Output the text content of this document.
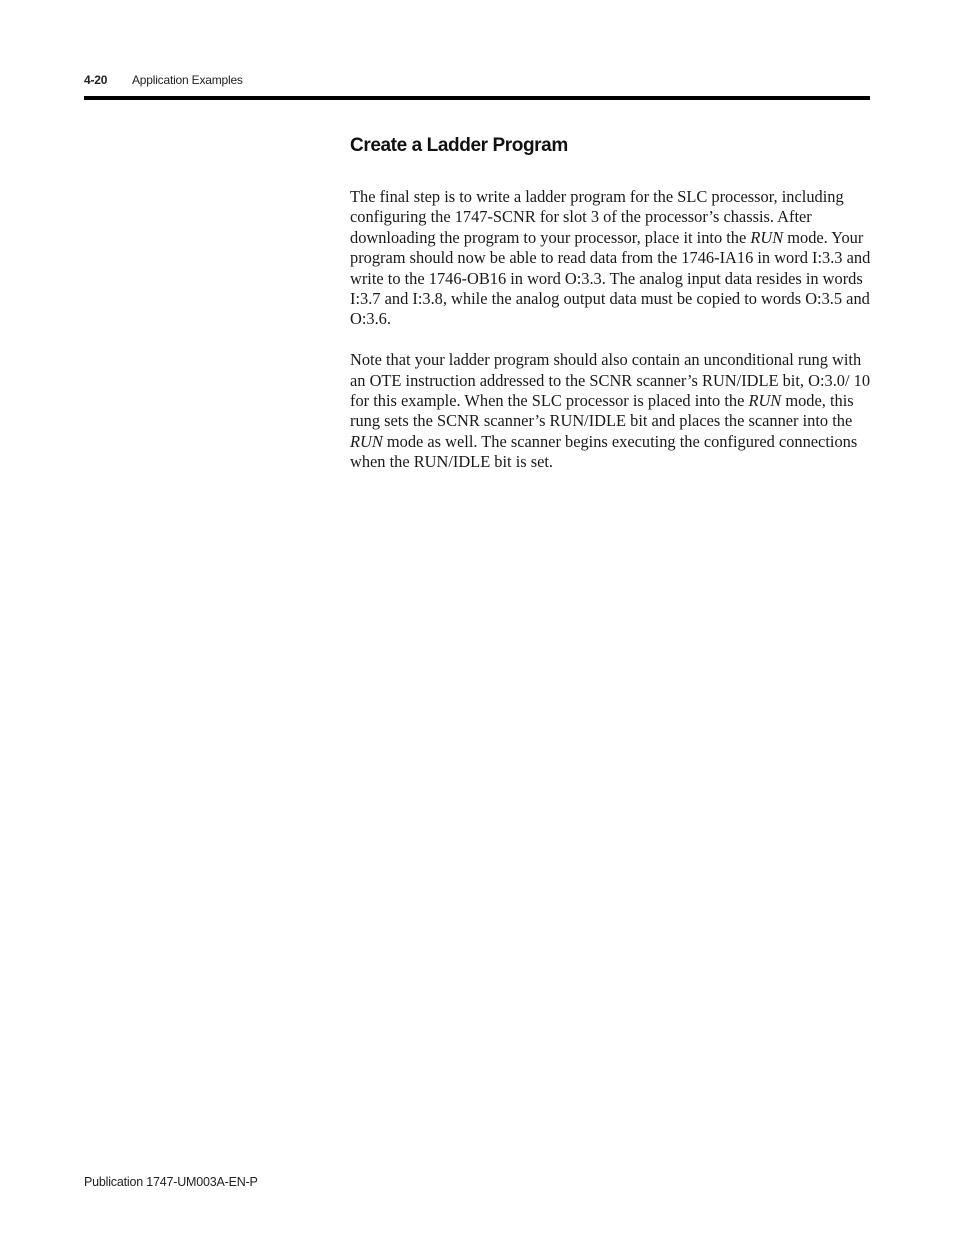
4-20 Application Examples
Create a Ladder Program

The final step is to write a ladder program for the SLC processor, including configuring the 1747-SCNR for slot 3 of the processor’s chassis. After downloading the program to your processor, place it into the RUN mode. Your program should now be able to read data from the 1746-IA16 in word I:3.3 and write to the 1746-OB16 in word O:3.3. The analog input data resides in words I:3.7 and I:3.8, while the analog output data must be copied to words O:3.5 and O:3.6.

Note that your ladder program should also contain an unconditional rung with an OTE instruction addressed to the SCNR scanner’s RUN/IDLE bit, O:3.0/ 10 for this example. When the SLC processor is placed into the RUN mode, this rung sets the SCNR scanner’s RUN/IDLE bit and places the scanner into the RUN mode as well. The scanner begins executing the configured connections when the RUN/IDLE bit is set.

Publication 1747-UM003A-EN-P
